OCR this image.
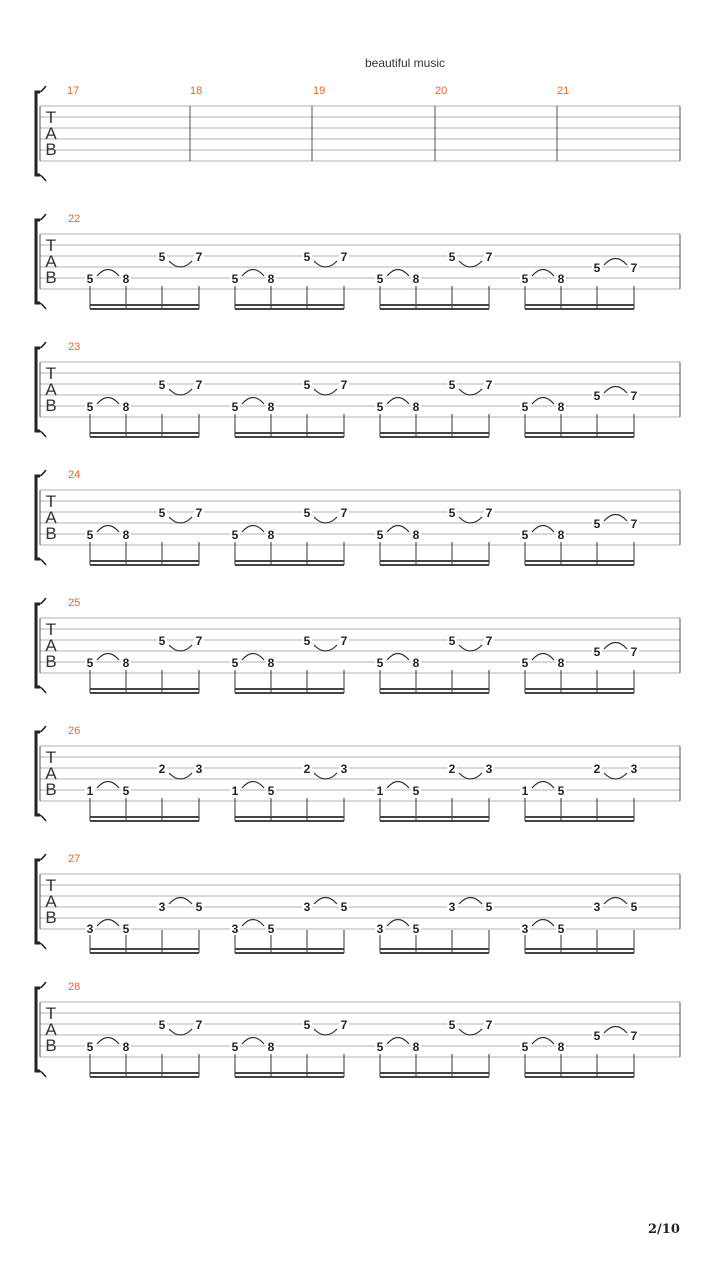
beautiful music
T
A
B
17	18	19	20	21
T
A
B
22
5 8
5	7
5 8
5	7
5 8
5	7
5 8
5	7
T
A
B
23
5 8
5	7
5 8
5	7
5 8
5	7
5 8
5	7
T
A
B
24
5 8
5	7
5 8
5	7
5 8
5	7
5 8
5	7
T
A
B
25
5 8
5	7
5 8
5	7
5 8
5	7
5 8
5	7
T
A
B
26
1 5
2	3
1 5
2	3
1 5
2	3
1 5
2	3
T
A
B
27
3 5
3	5
3 5
3	5
3 5
3	5
3 5
3	5
T
A
B
28
5 8
5	7
5 8
5	7
5 8
5	7
5 8
5	7
2/10
